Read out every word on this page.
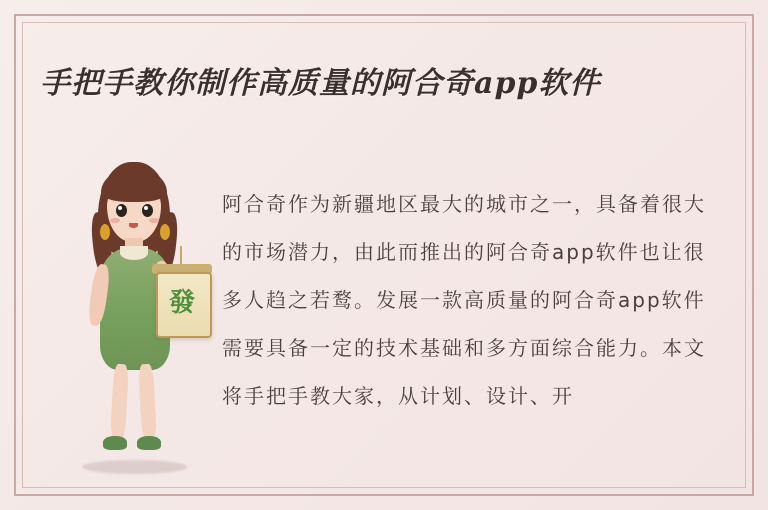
手把手教你制作高质量的阿合奇app软件
發
阿合奇作为新疆地区最大的城市之一，具备着很大的市场潜力，由此而推出的阿合奇app软件也让很多人趋之若鹜。发展一款高质量的阿合奇app软件需要具备一定的技术基础和多方面综合能力。本文将手把手教大家，从计划、设计、开
